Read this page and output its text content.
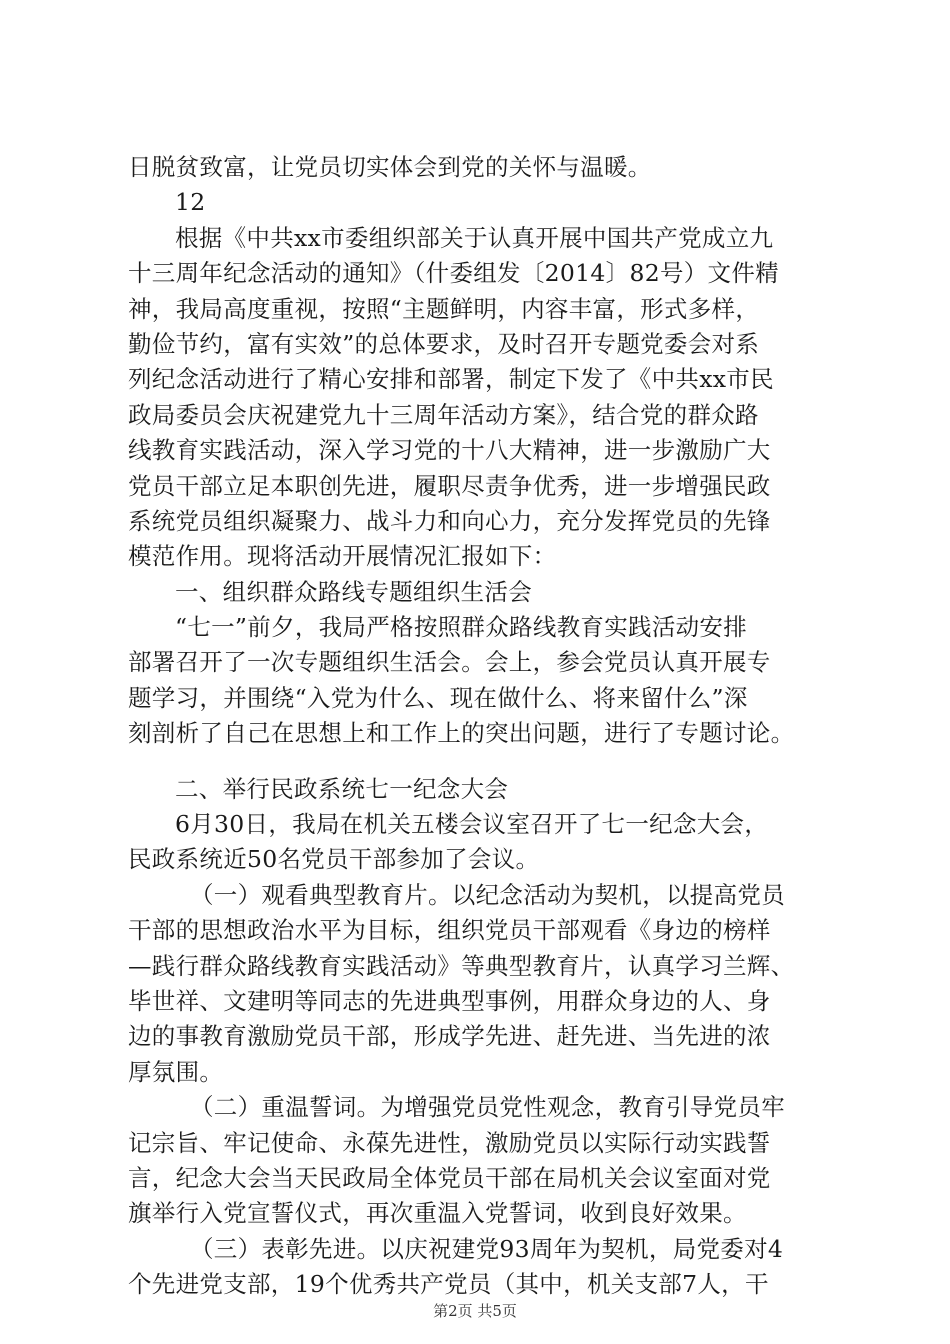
日脱贫致富，让党员切实体会到党的关怀与温暖。
12
根据《中共xx市委组织部关于认真开展中国共产党成立九
十三周年纪念活动的通知》（什委组发〔2014〕82号）文件精
神，我局高度重视，按照“主题鲜明，内容丰富，形式多样，
勤俭节约，富有实效”的总体要求，及时召开专题党委会对系
列纪念活动进行了精心安排和部署，制定下发了《中共xx市民
政局委员会庆祝建党九十三周年活动方案》，结合党的群众路
线教育实践活动，深入学习党的十八大精神，进一步激励广大
党员干部立足本职创先进，履职尽责争优秀，进一步增强民政
系统党员组织凝聚力、战斗力和向心力，充分发挥党员的先锋
模范作用。现将活动开展情况汇报如下：
一、组织群众路线专题组织生活会
“七一”前夕，我局严格按照群众路线教育实践活动安排
部署召开了一次专题组织生活会。会上，参会党员认真开展专
题学习，并围绕“入党为什么、现在做什么、将来留什么”深
刻剖析了自己在思想上和工作上的突出问题，进行了专题讨论。
二、举行民政系统七一纪念大会
6月30日，我局在机关五楼会议室召开了七一纪念大会，
民政系统近50名党员干部参加了会议。
（一）观看典型教育片。以纪念活动为契机，以提高党员
干部的思想政治水平为目标，组织党员干部观看《身边的榜样
—践行群众路线教育实践活动》等典型教育片，认真学习兰辉、
毕世祥、文建明等同志的先进典型事例，用群众身边的人、身
边的事教育激励党员干部，形成学先进、赶先进、当先进的浓
厚氛围。
（二）重温誓词。为增强党员党性观念，教育引导党员牢
记宗旨、牢记使命、永葆先进性，激励党员以实际行动实践誓
言，纪念大会当天民政局全体党员干部在局机关会议室面对党
旗举行入党宣誓仪式，再次重温入党誓词，收到良好效果。
（三）表彰先进。以庆祝建党93周年为契机，局党委对4
个先进党支部，19个优秀共产党员（其中，机关支部7人，干
第2页 共5页
